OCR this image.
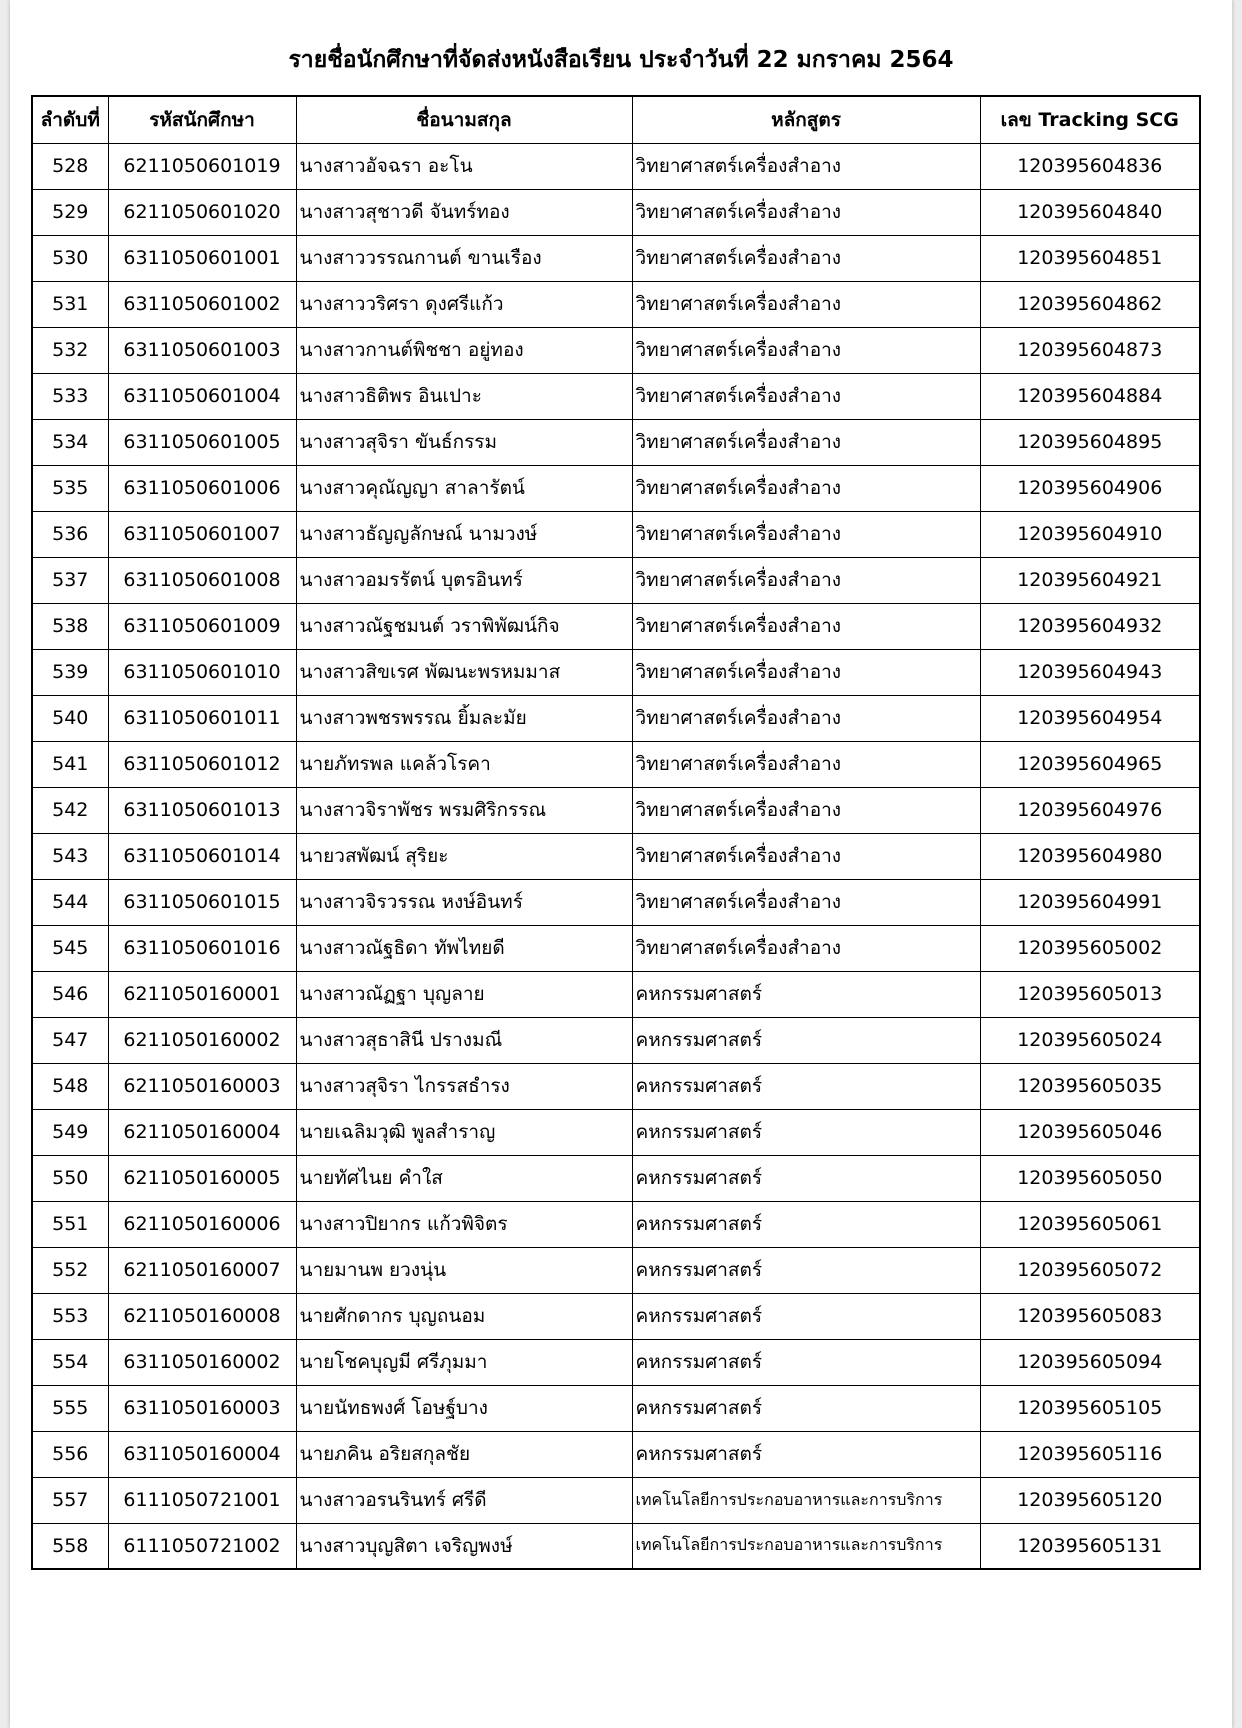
รายชื่อนักศึกษาที่จัดส่งหนังสือเรียน ประจำวันที่ 22 มกราคม 2564
ลำดับที่	รหัสนักศึกษา	ชื่อนามสกุล	หลักสูตร	เลข Tracking SCG
528	6211050601019	นางสาวอัจฉรา อะโน	วิทยาศาสตร์เครื่องสำอาง	120395604836
529	6211050601020	นางสาวสุชาวดี จันทร์ทอง	วิทยาศาสตร์เครื่องสำอาง	120395604840
530	6311050601001	นางสาววรรณกานต์ ขานเรือง	วิทยาศาสตร์เครื่องสำอาง	120395604851
531	6311050601002	นางสาววริศรา ดุงศรีแก้ว	วิทยาศาสตร์เครื่องสำอาง	120395604862
532	6311050601003	นางสาวกานต์พิชชา อยู่ทอง	วิทยาศาสตร์เครื่องสำอาง	120395604873
533	6311050601004	นางสาวธิติพร อินเปาะ	วิทยาศาสตร์เครื่องสำอาง	120395604884
534	6311050601005	นางสาวสุจิรา ขันธ์กรรม	วิทยาศาสตร์เครื่องสำอาง	120395604895
535	6311050601006	นางสาวคุณัญญา สาลารัตน์	วิทยาศาสตร์เครื่องสำอาง	120395604906
536	6311050601007	นางสาวธัญญลักษณ์ นามวงษ์	วิทยาศาสตร์เครื่องสำอาง	120395604910
537	6311050601008	นางสาวอมรรัตน์ บุตรอินทร์	วิทยาศาสตร์เครื่องสำอาง	120395604921
538	6311050601009	นางสาวณัฐชมนต์ วราพิพัฒน์กิจ	วิทยาศาสตร์เครื่องสำอาง	120395604932
539	6311050601010	นางสาวสิขเรศ พัฒนะพรหมมาส	วิทยาศาสตร์เครื่องสำอาง	120395604943
540	6311050601011	นางสาวพชรพรรณ ยิ้มละมัย	วิทยาศาสตร์เครื่องสำอาง	120395604954
541	6311050601012	นายภัทรพล แคล้วโรคา	วิทยาศาสตร์เครื่องสำอาง	120395604965
542	6311050601013	นางสาวจิราพัชร พรมศิริกรรณ	วิทยาศาสตร์เครื่องสำอาง	120395604976
543	6311050601014	นายวสพัฒน์ สุริยะ	วิทยาศาสตร์เครื่องสำอาง	120395604980
544	6311050601015	นางสาวจิรวรรณ หงษ์อินทร์	วิทยาศาสตร์เครื่องสำอาง	120395604991
545	6311050601016	นางสาวณัฐธิดา ทัพไทยดี	วิทยาศาสตร์เครื่องสำอาง	120395605002
546	6211050160001	นางสาวณัฏฐา บุญลาย	คหกรรมศาสตร์	120395605013
547	6211050160002	นางสาวสุธาสินี ปรางมณี	คหกรรมศาสตร์	120395605024
548	6211050160003	นางสาวสุจิรา ไกรรสธำรง	คหกรรมศาสตร์	120395605035
549	6211050160004	นายเฉลิมวุฒิ พูลสำราญ	คหกรรมศาสตร์	120395605046
550	6211050160005	นายทัศไนย คำใส	คหกรรมศาสตร์	120395605050
551	6211050160006	นางสาวปิยากร แก้วพิจิตร	คหกรรมศาสตร์	120395605061
552	6211050160007	นายมานพ ยวงนุ่น	คหกรรมศาสตร์	120395605072
553	6211050160008	นายศักดากร บุญถนอม	คหกรรมศาสตร์	120395605083
554	6311050160002	นายโชคบุญมี ศรีภุมมา	คหกรรมศาสตร์	120395605094
555	6311050160003	นายนัทธพงศ์ โอษฐ์บาง	คหกรรมศาสตร์	120395605105
556	6311050160004	นายภคิน อริยสกุลชัย	คหกรรมศาสตร์	120395605116
557	6111050721001	นางสาวอรนรินทร์ ศรีดี	เทคโนโลยีการประกอบอาหารและการบริการ	120395605120
558	6111050721002	นางสาวบุญสิตา เจริญพงษ์	เทคโนโลยีการประกอบอาหารและการบริการ	120395605131
